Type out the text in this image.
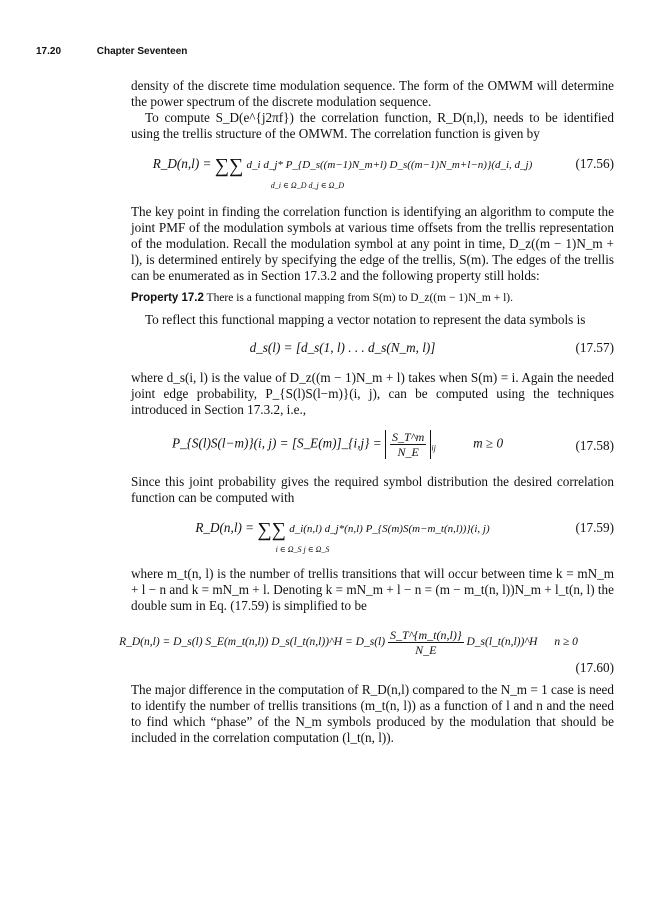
17.20	Chapter Seventeen

density of the discrete time modulation sequence. The form of the OMWM will determine the power spectrum of the discrete modulation sequence.

To compute S_D(e^{j2πf}) the correlation function, R_D(n,l), needs to be identified using the trellis structure of the OMWM. The correlation function is given by

R_D(n,l) = ∑∑ d_i d_j* P_{D_s((m−1)N_m+l) D_s((m−1)N_m+l−n)}(d_i, d_j)
d_i ∈ Ω_D d_j ∈ Ω_D
(17.56)

The key point in finding the correlation function is identifying an algorithm to compute the joint PMF of the modulation symbols at various time offsets from the trellis representation of the modulation. Recall the modulation symbol at any point in time, D_z((m − 1)N_m + l), is determined entirely by specifying the edge of the trellis, S(m). The edges of the trellis can be enumerated as in Section 17.3.2 and the following property still holds:

Property 17.2 There is a functional mapping from S(m) to D_z((m − 1)N_m + l).

To reflect this functional mapping a vector notation to represent the data symbols is

d_s(l) = [d_s(1, l) . . . d_s(N_m, l)]	(17.57)

where d_s(i, l) is the value of D_z((m − 1)N_m + l) takes when S(m) = i. Again the needed joint edge probability, P_{S(l)S(l−m)}(i, j), can be computed using the techniques introduced in Section 17.3.2, i.e.,

P_{S(l)S(l−m)}(i, j) = [S_E(m)]_{i,j} = $\frac{S\_T\^{}m}{N\_E} _{ij}$	m ≥ 0	(17.58)

Since this joint probability gives the required symbol distribution the desired correlation function can be computed with

R_D(n,l) = ∑∑ d_i(n,l) d_j*(n,l) P_{S(m)S(m−m_t(n,l))}(i, j)
i ∈ Ω_S j ∈ Ω_S
(17.59)

where m_t(n, l) is the number of trellis transitions that will occur between time k = mN_m + l − n and k = mN_m + l. Denoting k = mN_m + l − n = (m − m_t(n, l))N_m + l_t(n, l) the double sum in Eq. (17.59) is simplified to be

R_D(n,l) = D_s(l) S_E(m_t(n,l)) D_s(l_t(n,l))^H = D_s(l) $\frac{S\_T\^{}\{m\_t(n,l)\}}{N\_E}$ D_s(l_t(n,l))^H n ≥ 0
(17.60)

The major difference in the computation of R_D(n,l) compared to the N_m = 1 case is need to identify the number of trellis transitions (m_t(n, l)) as a function of l and n and the need to find which “phase” of the N_m symbols produced by the modulation that should be included in the correlation computation (l_t(n, l)).
